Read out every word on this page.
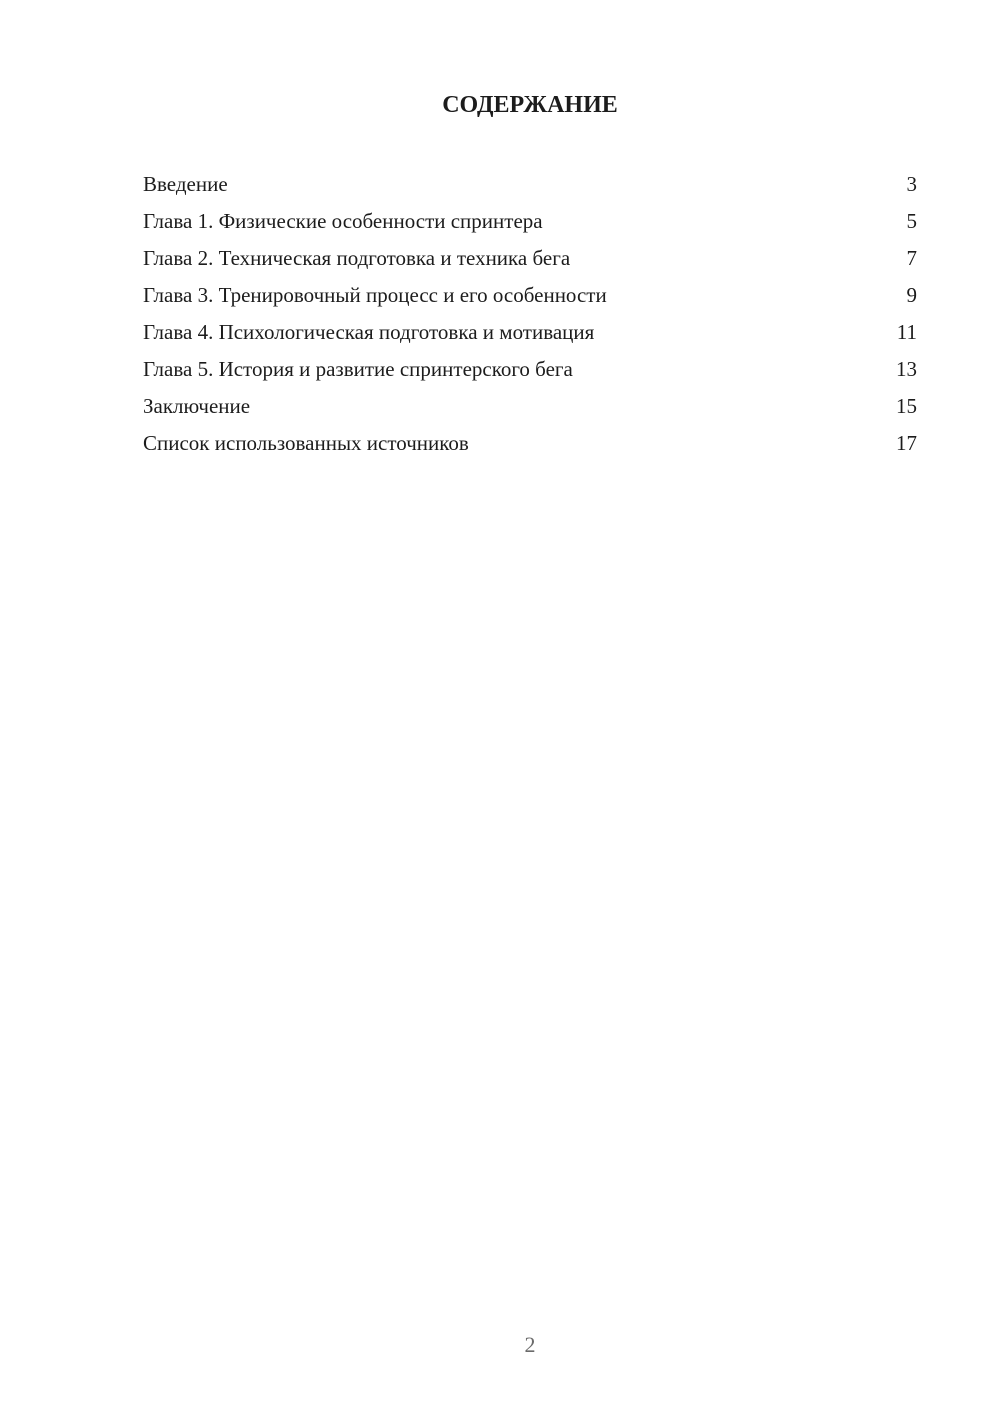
СОДЕРЖАНИЕ
Введение	3
Глава 1. Физические особенности спринтера	5
Глава 2. Техническая подготовка и техника бега	7
Глава 3. Тренировочный процесс и его особенности	9
Глава 4. Психологическая подготовка и мотивация	11
Глава 5. История и развитие спринтерского бега	13
Заключение	15
Список использованных источников	17
2
